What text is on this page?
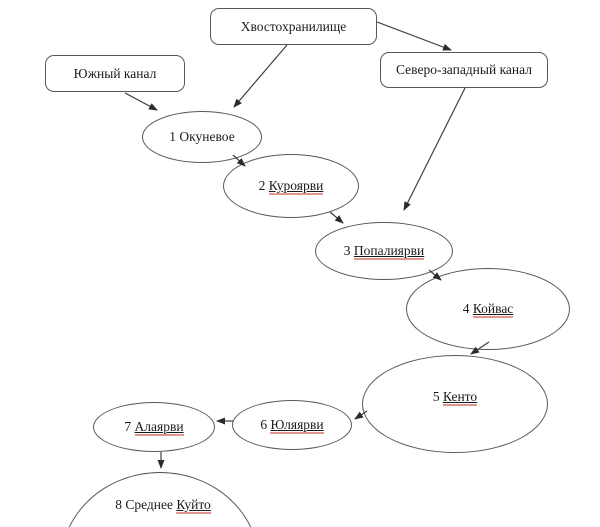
Хвостохранилище
Южный канал	Северо-западный канал
1 Окуневое
2 Куроярви
3 Попалиярви
4 Койвас
5 Кенто
6 Юляярви
7 Алаярви
8 Среднее Куйто
